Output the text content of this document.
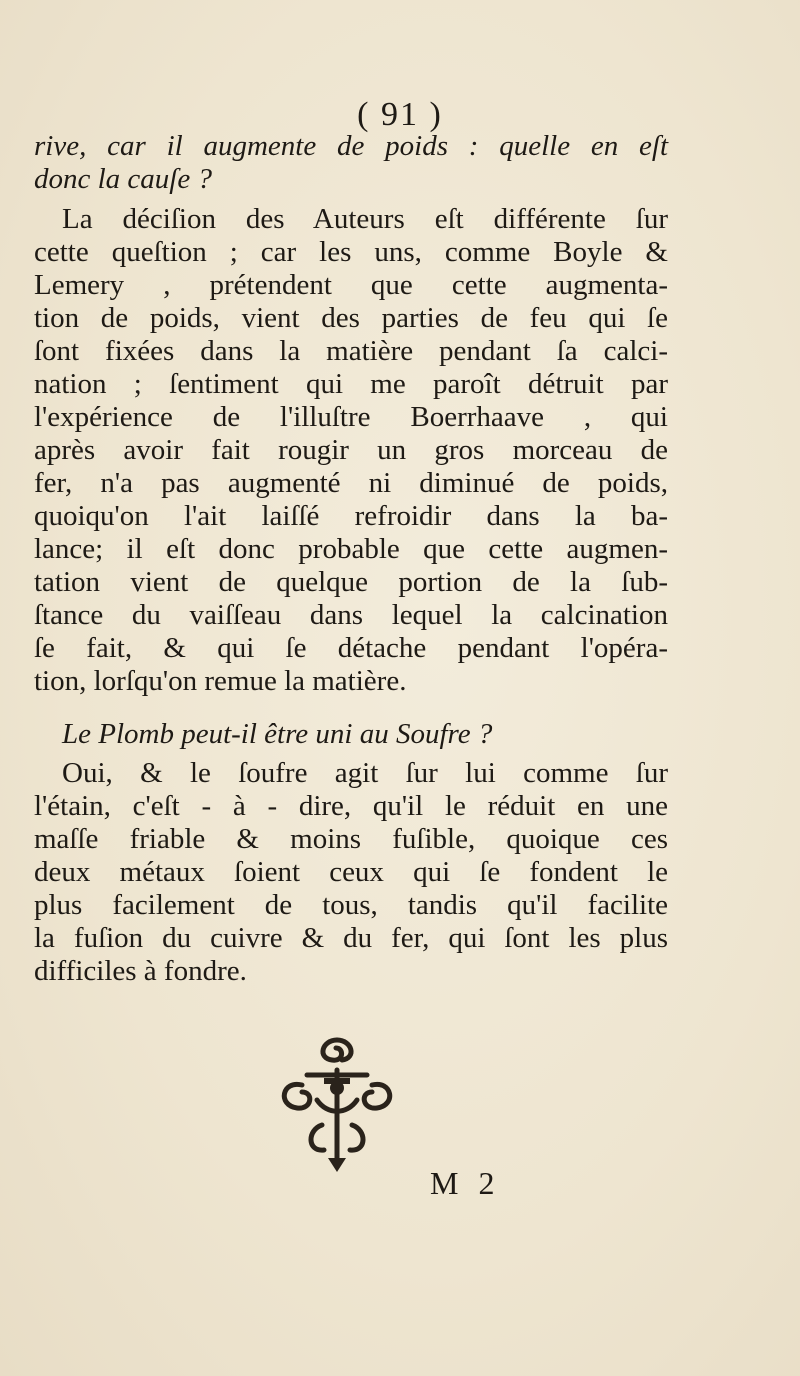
( 91 )
rive, car il augmente de poids : quelle en eſt
donc la cauſe ?
La déciſion des Auteurs eſt différente ſur
cette queſtion ; car les uns, comme Boyle &
Lemery , prétendent que cette augmenta-
tion de poids, vient des parties de feu qui ſe
ſont fixées dans la matière pendant ſa calci-
nation ; ſentiment qui me paroît détruit par
l'expérience de l'illuſtre Boerrhaave , qui
après avoir fait rougir un gros morceau de
fer, n'a pas augmenté ni diminué de poids,
quoiqu'on l'ait laiſſé refroidir dans la ba-
lance; il eſt donc probable que cette augmen-
tation vient de quelque portion de la ſub-
ſtance du vaiſſeau dans lequel la calcination
ſe fait, & qui ſe détache pendant l'opéra-
tion, lorſqu'on remue la matière.
Le Plomb peut-il être uni au Soufre ?
Oui, & le ſoufre agit ſur lui comme ſur
l'étain, c'eſt - à - dire, qu'il le réduit en une
maſſe friable & moins fuſible, quoique ces
deux métaux ſoient ceux qui ſe fondent le
plus facilement de tous, tandis qu'il facilite
la fuſion du cuivre & du fer, qui ſont les plus
difficiles à fondre.
M 2
